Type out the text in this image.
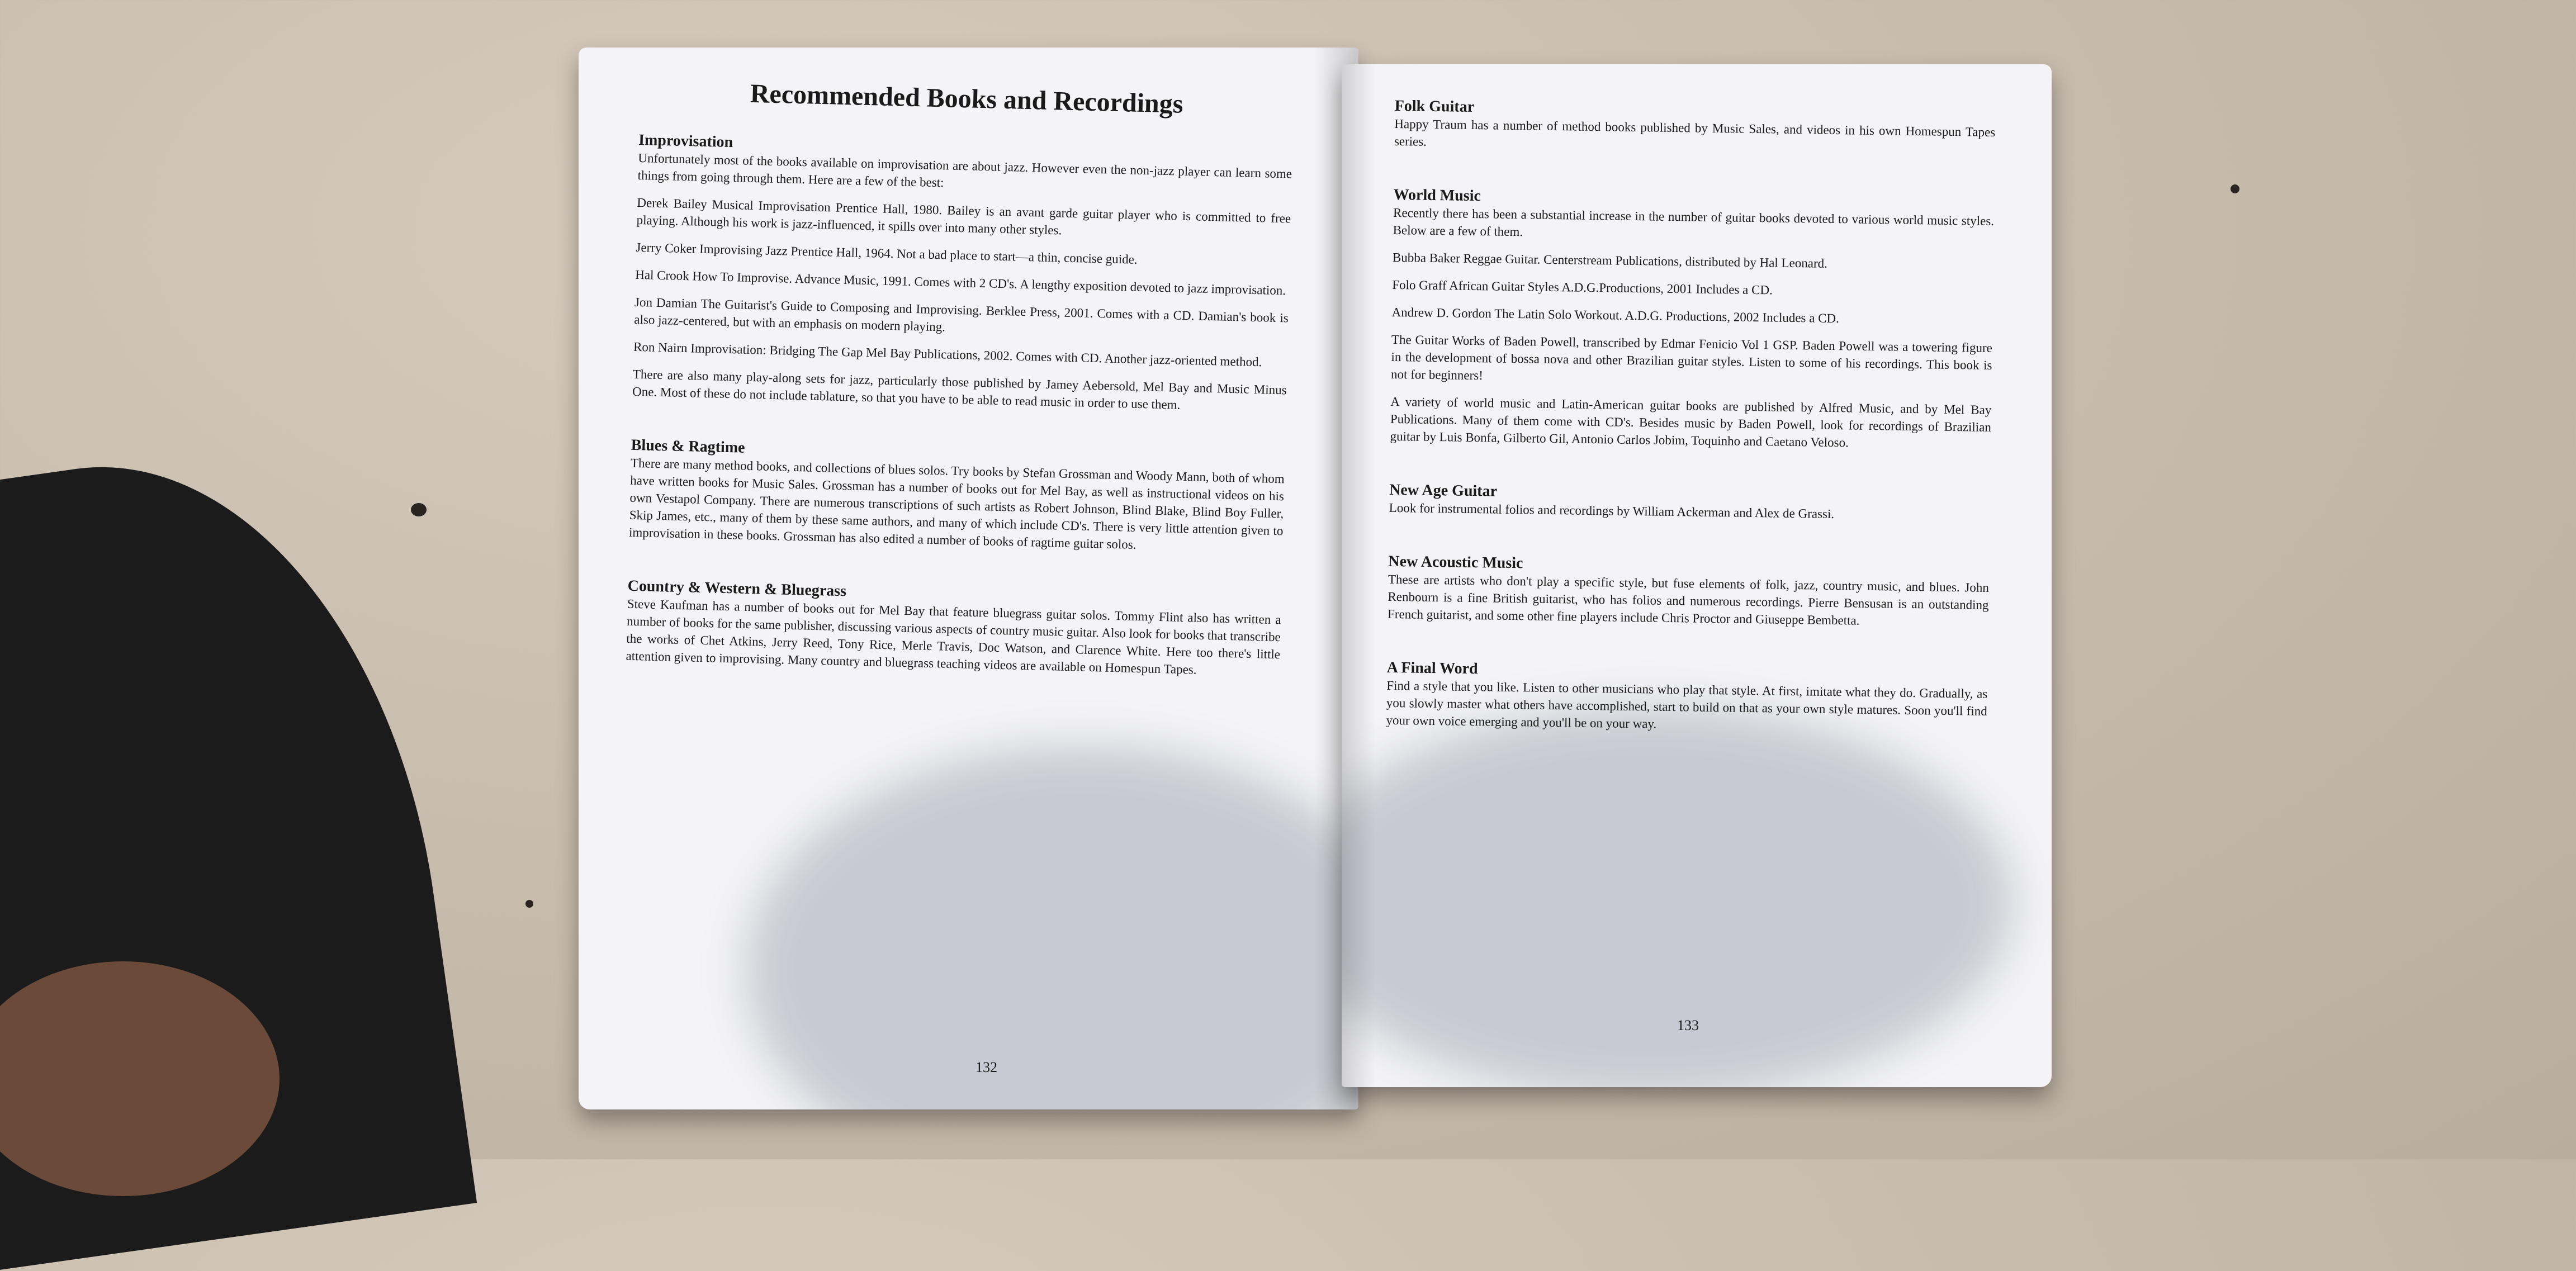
Recommended Books and Recordings
Improvisation

Unfortunately most of the books available on improvisation are about jazz. However even the non-jazz player can learn some things from going through them. Here are a few of the best:

Derek Bailey Musical Improvisation Prentice Hall, 1980. Bailey is an avant garde guitar player who is committed to free playing. Although his work is jazz-influenced, it spills over into many other styles.

Jerry Coker Improvising Jazz Prentice Hall, 1964. Not a bad place to start—a thin, concise guide.

Hal Crook How To Improvise. Advance Music, 1991. Comes with 2 CD's. A lengthy exposition devoted to jazz improvisation.

Jon Damian The Guitarist's Guide to Composing and Improvising. Berklee Press, 2001. Comes with a CD. Damian's book is also jazz-centered, but with an emphasis on modern playing.

Ron Nairn Improvisation: Bridging The Gap Mel Bay Publications, 2002. Comes with CD. Another jazz-oriented method.

There are also many play-along sets for jazz, particularly those published by Jamey Aebersold, Mel Bay and Music Minus One. Most of these do not include tablature, so that you have to be able to read music in order to use them.

Blues & Ragtime

There are many method books, and collections of blues solos. Try books by Stefan Grossman and Woody Mann, both of whom have written books for Music Sales. Grossman has a number of books out for Mel Bay, as well as instructional videos on his own Vestapol Company. There are numerous transcriptions of such artists as Robert Johnson, Blind Blake, Blind Boy Fuller, Skip James, etc., many of them by these same authors, and many of which include CD's. There is very little attention given to improvisation in these books. Grossman has also edited a number of books of ragtime guitar solos.

Country & Western & Bluegrass

Steve Kaufman has a number of books out for Mel Bay that feature bluegrass guitar solos. Tommy Flint also has written a number of books for the same publisher, discussing various aspects of country music guitar. Also look for books that transcribe the works of Chet Atkins, Jerry Reed, Tony Rice, Merle Travis, Doc Watson, and Clarence White. Here too there's little attention given to improvising. Many country and bluegrass teaching videos are available on Homespun Tapes.

132
Folk Guitar

Happy Traum has a number of method books published by Music Sales, and videos in his own Homespun Tapes series.

World Music

Recently there has been a substantial increase in the number of guitar books devoted to various world music styles. Below are a few of them.

Bubba Baker Reggae Guitar. Centerstream Publications, distributed by Hal Leonard.

Folo Graff African Guitar Styles A.D.G.Productions, 2001 Includes a CD.

Andrew D. Gordon The Latin Solo Workout. A.D.G. Productions, 2002 Includes a CD.

The Guitar Works of Baden Powell, transcribed by Edmar Fenicio Vol 1 GSP. Baden Powell was a towering figure in the development of bossa nova and other Brazilian guitar styles. Listen to some of his recordings. This book is not for beginners!

A variety of world music and Latin-American guitar books are published by Alfred Music, and by Mel Bay Publications. Many of them come with CD's. Besides music by Baden Powell, look for recordings of Brazilian guitar by Luis Bonfa, Gilberto Gil, Antonio Carlos Jobim, Toquinho and Caetano Veloso.

New Age Guitar

Look for instrumental folios and recordings by William Ackerman and Alex de Grassi.

New Acoustic Music

These are artists who don't play a specific style, but fuse elements of folk, jazz, country music, and blues. John Renbourn is a fine British guitarist, who has folios and numerous recordings. Pierre Bensusan is an outstanding French guitarist, and some other fine players include Chris Proctor and Giuseppe Bembetta.

A Final Word

Find a style that you like. Listen to other musicians who play that style. At first, imitate what they do. Gradually, as you slowly master what others have accomplished, start to build on that as your own style matures. Soon you'll find your own voice emerging and you'll be on your way.

133
